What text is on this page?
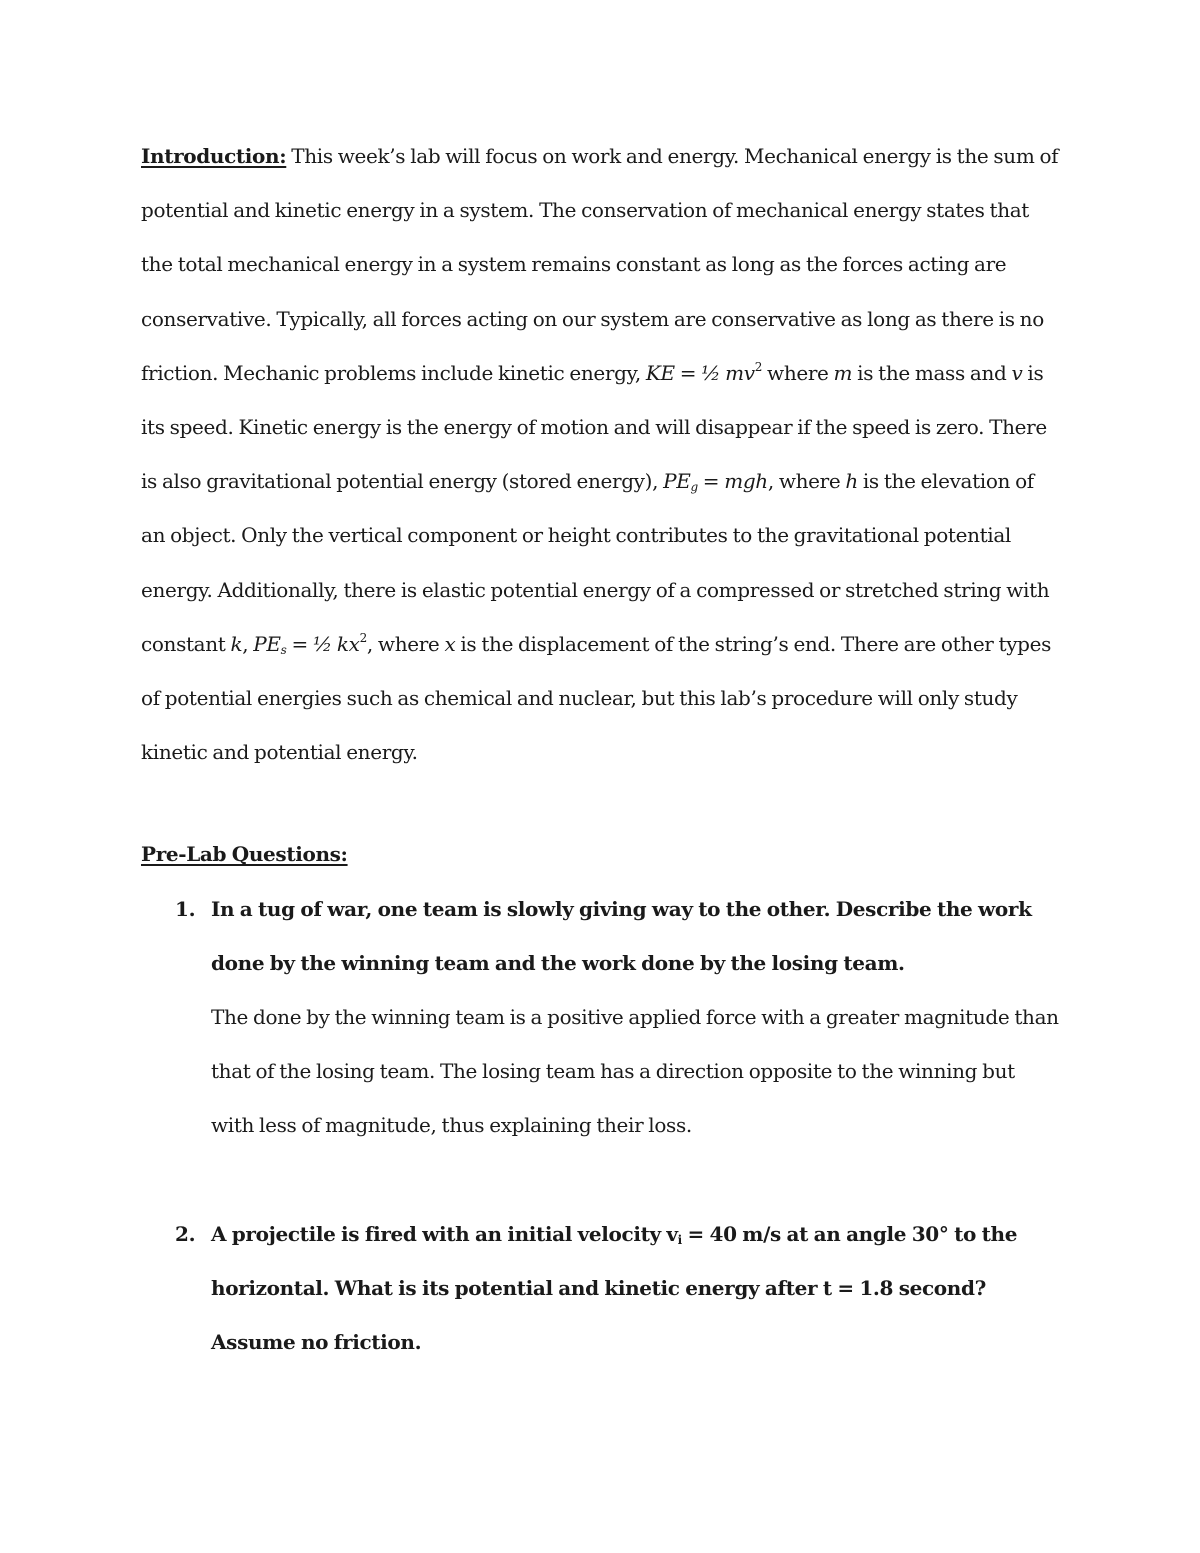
Introduction: This week’s lab will focus on work and energy. Mechanical energy is the sum of potential and kinetic energy in a system. The conservation of mechanical energy states that the total mechanical energy in a system remains constant as long as the forces acting are conservative. Typically, all forces acting on our system are conservative as long as there is no friction. Mechanic problems include kinetic energy, KE = ½ $mv^2$ where m is the mass and v is its speed. Kinetic energy is the energy of motion and will disappear if the speed is zero. There is also gravitational potential energy (stored energy), $PE_g$ = mgh, where h is the elevation of an object. Only the vertical component or height contributes to the gravitational potential energy. Additionally, there is elastic potential energy of a compressed or stretched string with constant k, $PE_s$ = ½ $kx^2$, where x is the displacement of the string’s end. There are other types of potential energies such as chemical and nuclear, but this lab’s procedure will only study kinetic and potential energy.

Pre-Lab Questions:

1. In a tug of war, one team is slowly giving way to the other. Describe the work done by the winning team and the work done by the losing team.
The done by the winning team is a positive applied force with a greater magnitude than that of the losing team. The losing team has a direction opposite to the winning but with less of magnitude, thus explaining their loss.
2. A projectile is fired with an initial velocity $v_i = 40$ m/s at an angle 30° to the horizontal. What is its potential and kinetic energy after t = 1.8 second? Assume no friction.
